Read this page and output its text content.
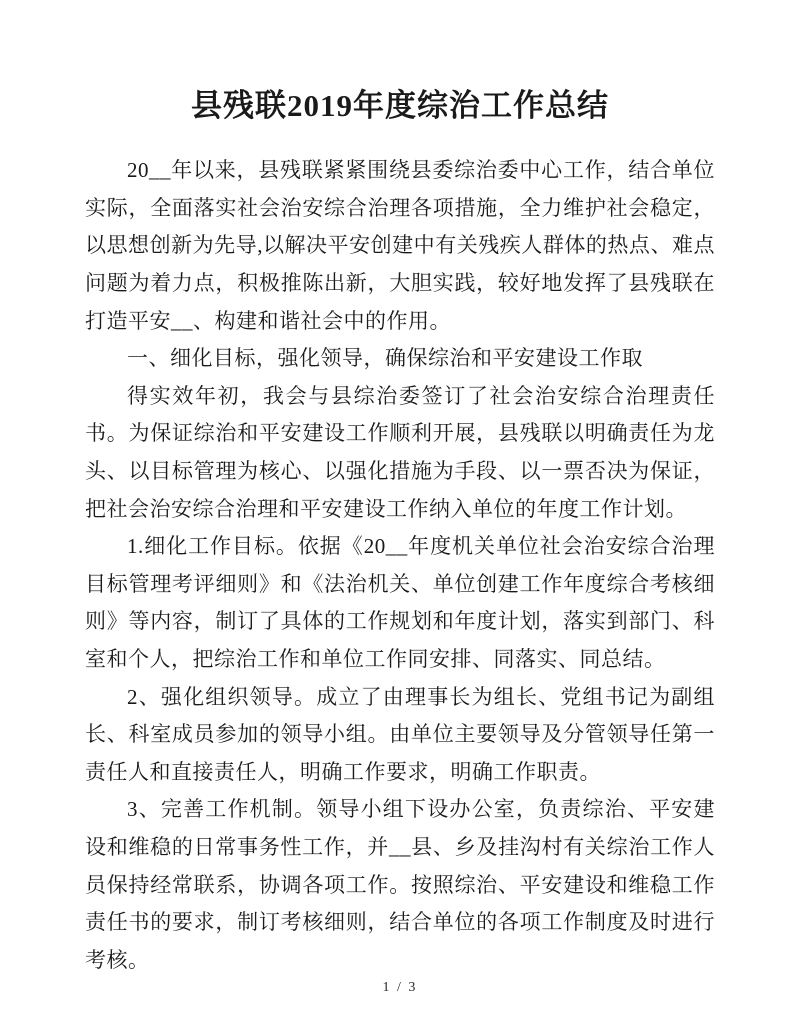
县残联2019年度综治工作总结

20__年以来，县残联紧紧围绕县委综治委中心工作，结合单位实际，全面落实社会治安综合治理各项措施，全力维护社会稳定，以思想创新为先导,以解决平安创建中有关残疾人群体的热点、难点问题为着力点，积极推陈出新，大胆实践，较好地发挥了县残联在打造平安__、构建和谐社会中的作用。

一、细化目标，强化领导，确保综治和平安建设工作取

得实效年初，我会与县综治委签订了社会治安综合治理责任书。为保证综治和平安建设工作顺利开展，县残联以明确责任为龙头、以目标管理为核心、以强化措施为手段、以一票否决为保证，把社会治安综合治理和平安建设工作纳入单位的年度工作计划。

1.细化工作目标。依据《20__年度机关单位社会治安综合治理目标管理考评细则》和《法治机关、单位创建工作年度综合考核细则》等内容，制订了具体的工作规划和年度计划，落实到部门、科室和个人，把综治工作和单位工作同安排、同落实、同总结。

2、强化组织领导。成立了由理事长为组长、党组书记为副组长、科室成员参加的领导小组。由单位主要领导及分管领导任第一责任人和直接责任人，明确工作要求，明确工作职责。

3、完善工作机制。领导小组下设办公室，负责综治、平安建设和维稳的日常事务性工作，并__县、乡及挂沟村有关综治工作人员保持经常联系，协调各项工作。按照综治、平安建设和维稳工作责任书的要求，制订考核细则，结合单位的各项工作制度及时进行考核。

1 / 3
